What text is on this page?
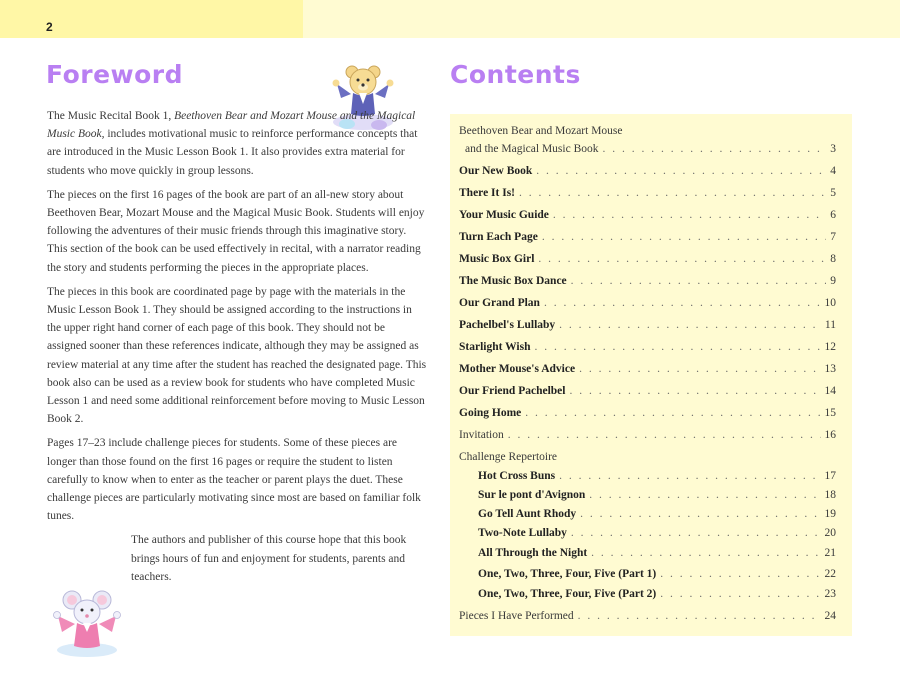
2
Foreword	Contents

The Music Recital Book 1, Beethoven Bear and Mozart Mouse and the Magical Music Book, includes motivational music to reinforce performance concepts that are introduced in the Music Lesson Book 1. It also provides extra material for students who move quickly in group lessons.

The pieces on the first 16 pages of the book are part of an all-new story about Beethoven Bear, Mozart Mouse and the Magical Music Book. Students will enjoy following the adventures of their music friends through this imaginative story. This section of the book can be used effectively in recital, with a narrator reading the story and students performing the pieces in the appropriate places.

The pieces in this book are coordinated page by page with the materials in the Music Lesson Book 1. They should be assigned according to the instructions in the upper right hand corner of each page of this book. They should not be assigned sooner than these references indicate, although they may be assigned as review material at any time after the student has reached the designated page. This book also can be used as a review book for students who have completed Music Lesson 1 and need some additional reinforcement before moving to Music Lesson Book 2.

Pages 17–23 include challenge pieces for students. Some of these pieces are longer than those found on the first 16 pages or require the student to listen carefully to know when to enter as the teacher or parent plays the duet. These challenge pieces are particularly motivating since most are based on familiar folk tunes.

The authors and publisher of this course hope that this book brings hours of fun and enjoyment for students, parents and teachers.

Beethoven Bear and Mozart Mouse
and the Magical Music Book . . .	3
Our New Book . . .	4
There It Is! . . .	5
Your Music Guide . . .	6
Turn Each Page . . .	7
Music Box Girl . . .	8
The Music Box Dance . . .	9
Our Grand Plan . . .	10
Pachelbel's Lullaby . . .	11
Starlight Wish . . .	12
Mother Mouse's Advice . . .	13
Our Friend Pachelbel . . .	14
Going Home . . .	15
Invitation . . .	16
Challenge Repertoire
Hot Cross Buns . . .	17
Sur le pont d'Avignon . . .	18
Go Tell Aunt Rhody . . .	19
Two-Note Lullaby . . .	20
All Through the Night . . .	21
One, Two, Three, Four, Five (Part 1) . . .	22
One, Two, Three, Four, Five (Part 2) . . .	23
Pieces I Have Performed . . .	24
